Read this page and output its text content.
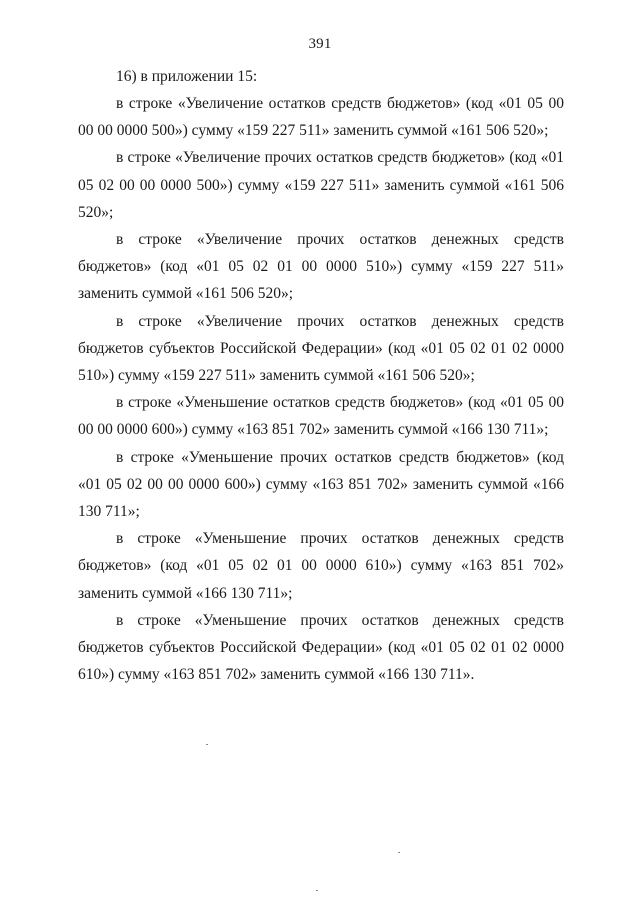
391
16) в приложении 15:

в строке «Увеличение остатков средств бюджетов» (код «01 05 00 00 00 0000 500») сумму «159 227 511» заменить суммой «161 506 520»;

в строке «Увеличение прочих остатков средств бюджетов» (код «01 05 02 00 00 0000 500») сумму «159 227 511» заменить суммой «161 506 520»;

в строке «Увеличение прочих остатков денежных средств бюджетов» (код «01 05 02 01 00 0000 510») сумму «159 227 511» заменить суммой «161 506 520»;

в строке «Увеличение прочих остатков денежных средств бюджетов субъектов Российской Федерации» (код «01 05 02 01 02 0000 510») сумму «159 227 511» заменить суммой «161 506 520»;

в строке «Уменьшение остатков средств бюджетов» (код «01 05 00 00 00 0000 600») сумму «163 851 702» заменить суммой «166 130 711»;

в строке «Уменьшение прочих остатков средств бюджетов» (код «01 05 02 00 00 0000 600») сумму «163 851 702» заменить суммой «166 130 711»;

в строке «Уменьшение прочих остатков денежных средств бюджетов» (код «01 05 02 01 00 0000 610») сумму «163 851 702» заменить суммой «166 130 711»;

в строке «Уменьшение прочих остатков денежных средств бюджетов субъектов Российской Федерации» (код «01 05 02 01 02 0000 610») сумму «163 851 702» заменить суммой «166 130 711».
